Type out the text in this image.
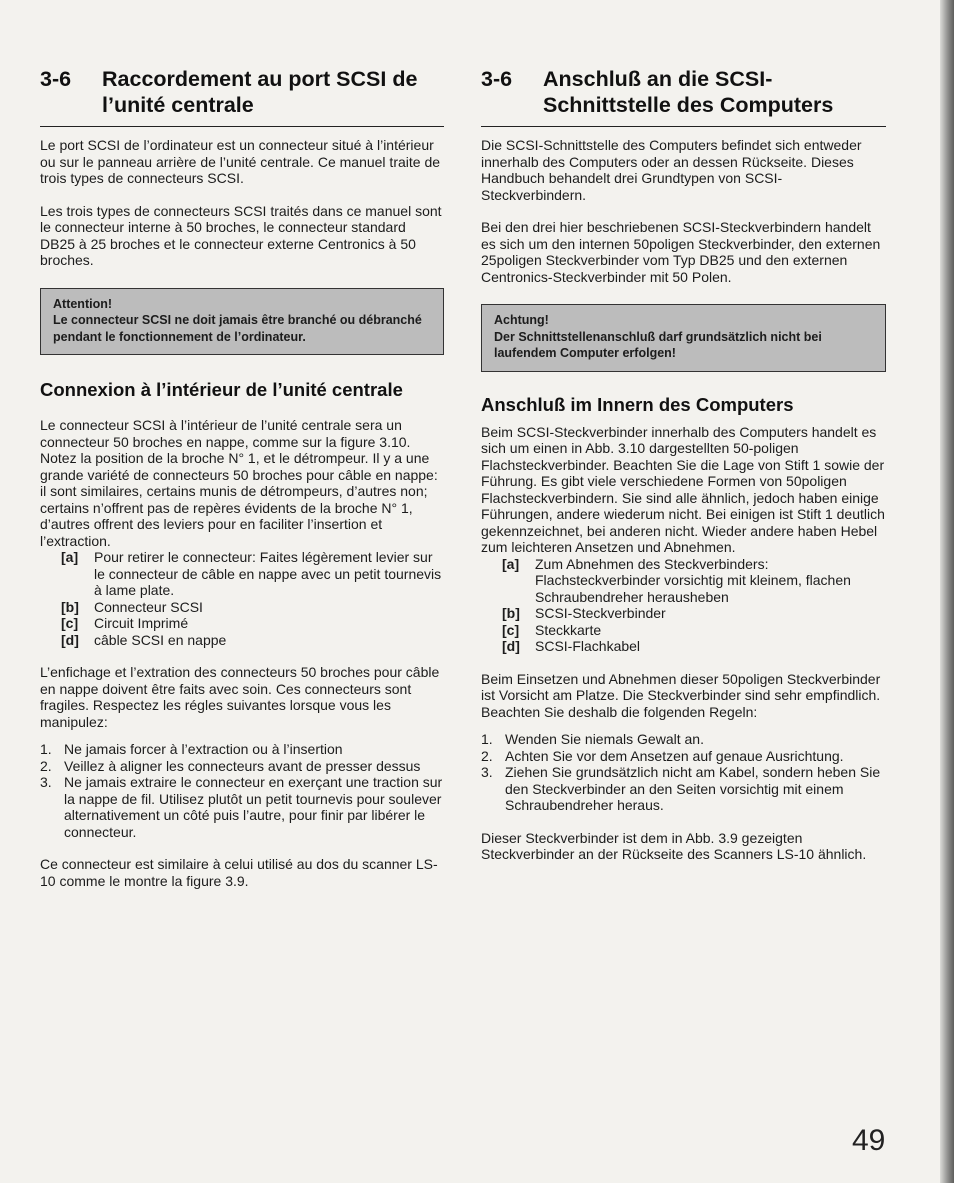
3-6	Raccordement au port SCSI de l’unité centrale

Le port SCSI de l’ordinateur est un connecteur situé à l’intérieur ou sur le panneau arrière de l’unité centrale. Ce manuel traite de trois types de connecteurs SCSI.

Les trois types de connecteurs SCSI traités dans ce manuel sont le connecteur interne à 50 broches, le connecteur standard DB25 à 25 broches et le connecteur externe Centronics à 50 broches.

Attention!
Le connecteur SCSI ne doit jamais être branché ou débranché pendant le fonctionnement de l’ordinateur.
Connexion à l’intérieur de l’unité centrale

Le connecteur SCSI à l’intérieur de l’unité centrale sera un connecteur 50 broches en nappe, comme sur la figure 3.10. Notez la position de la broche N° 1, et le détrompeur. Il y a une grande variété de connecteurs 50 broches pour câble en nappe: il sont similaires, certains munis de détrompeurs, d’autres non; certains n’offrent pas de repères évidents de la broche N° 1, d’autres offrent des leviers pour en faciliter l’insertion et l’extraction.

[a]	Pour retirer le connecteur: Faites légèrement levier sur le connecteur de câble en nappe avec un petit tournevis à lame plate.
[b]	Connecteur SCSI
[c]	Circuit Imprimé
[d]	câble SCSI en nappe

L’enfichage et l’extration des connecteurs 50 broches pour câble en nappe doivent être faits avec soin. Ces connecteurs sont fragiles. Respectez les régles suivantes lorsque vous les manipulez:

1. Ne jamais forcer à l’extraction ou à l’insertion
2. Veillez à aligner les connecteurs avant de presser dessus
3. Ne jamais extraire le connecteur en exerçant une traction sur la nappe de fil. Utilisez plutôt un petit tournevis pour soulever alternativement un côté puis l’autre, pour finir par libérer le connecteur.

Ce connecteur est similaire à celui utilisé au dos du scanner LS-10 comme le montre la figure 3.9.

3-6	Anschluß an die SCSI-Schnittstelle des Computers

Die SCSI-Schnittstelle des Computers befindet sich entweder innerhalb des Computers oder an dessen Rückseite. Dieses Handbuch behandelt drei Grundtypen von SCSI-Steckverbindern.

Bei den drei hier beschriebenen SCSI-Steckverbindern handelt es sich um den internen 50poligen Steckverbinder, den externen 25poligen Steckverbinder vom Typ DB25 und den externen Centronics-Steckverbinder mit 50 Polen.

Achtung!
Der Schnittstellenanschluß darf grundsätzlich nicht bei laufendem Computer erfolgen!
Anschluß im Innern des Computers

Beim SCSI-Steckverbinder innerhalb des Computers handelt es sich um einen in Abb. 3.10 dargestellten 50-poligen Flachsteckverbinder. Beachten Sie die Lage von Stift 1 sowie der Führung. Es gibt viele verschiedene Formen von 50poligen Flachsteckverbindern. Sie sind alle ähnlich, jedoch haben einige Führungen, andere wiederum nicht. Bei einigen ist Stift 1 deutlich gekennzeichnet, bei anderen nicht. Wieder andere haben Hebel zum leichteren Ansetzen und Abnehmen.

[a]	Zum Abnehmen des Steckverbinders: Flachsteckverbinder vorsichtig mit kleinem, flachen Schraubendreher herausheben
[b]	SCSI-Steckverbinder
[c]	Steckkarte
[d]	SCSI-Flachkabel

Beim Einsetzen und Abnehmen dieser 50poligen Steckverbinder ist Vorsicht am Platze. Die Steckverbinder sind sehr empfindlich. Beachten Sie deshalb die folgenden Regeln:

1. Wenden Sie niemals Gewalt an.
2. Achten Sie vor dem Ansetzen auf genaue Ausrichtung.
3. Ziehen Sie grundsätzlich nicht am Kabel, sondern heben Sie den Steckverbinder an den Seiten vorsichtig mit einem Schraubendreher heraus.

Dieser Steckverbinder ist dem in Abb. 3.9 gezeigten Steckverbinder an der Rückseite des Scanners LS-10 ähnlich.

49
